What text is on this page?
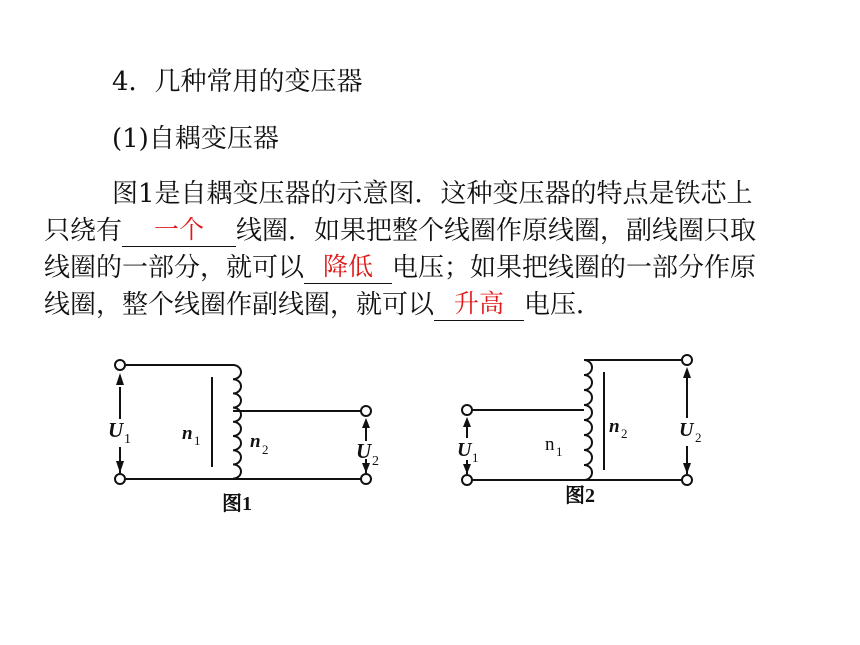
4．几种常用的变压器
(1)自耦变压器
图1是自耦变压器的示意图．这种变压器的特点是铁芯上
只绕有	一个	线圈．如果把整个线圈作原线圈，副线圈只取
线圈的一部分，就可以 降低 电压；如果把线圈的一部分作原
线圈，整个线圈作副线圈，就可以 升高 电压．
U 1	n 1	n 2	U 2
图1
U 1
n 1
n 2	U 2
图2
